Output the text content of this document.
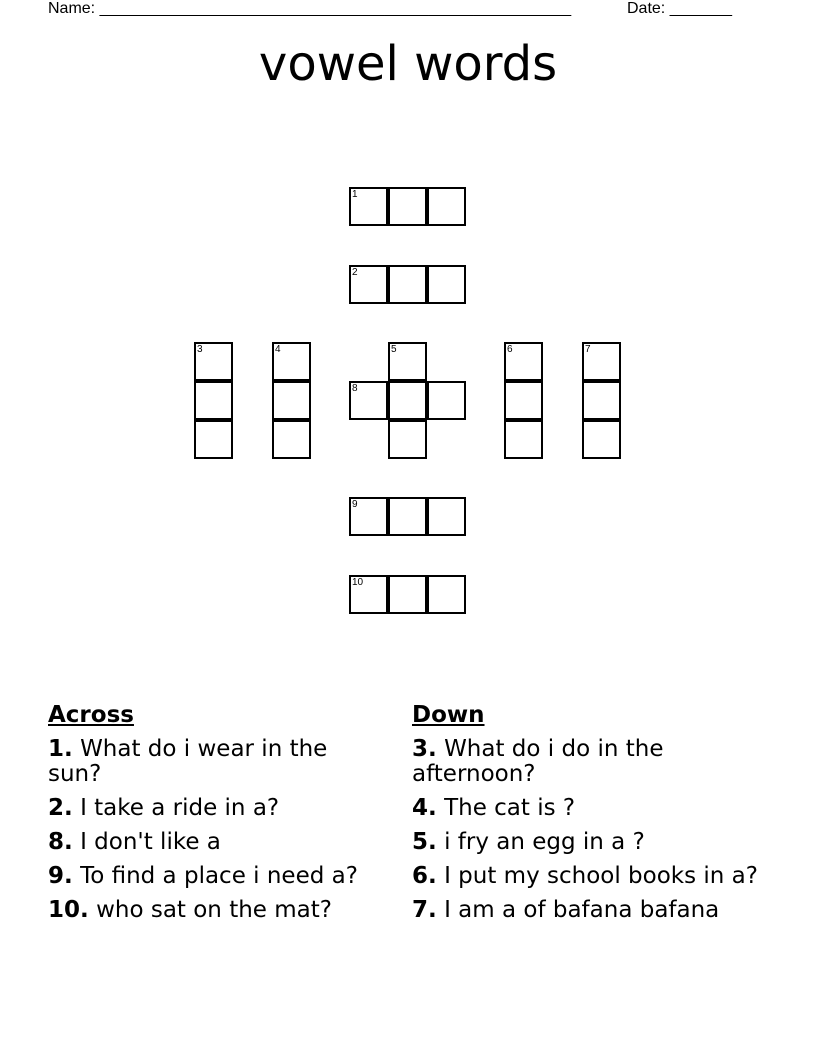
Name: _____________________________________________________	Date: _______
vowel words
1
2
3	4	5
8
6	7
9
10
Across
1. What do i wear in the sun?
2. I take a ride in a?
8. I don't like a
9. To find a place i need a?
10. who sat on the mat?
Down
3. What do i do in the afternoon?
4. The cat is ?
5. i fry an egg in a ?
6. I put my school books in a?
7. I am a of bafana bafana
